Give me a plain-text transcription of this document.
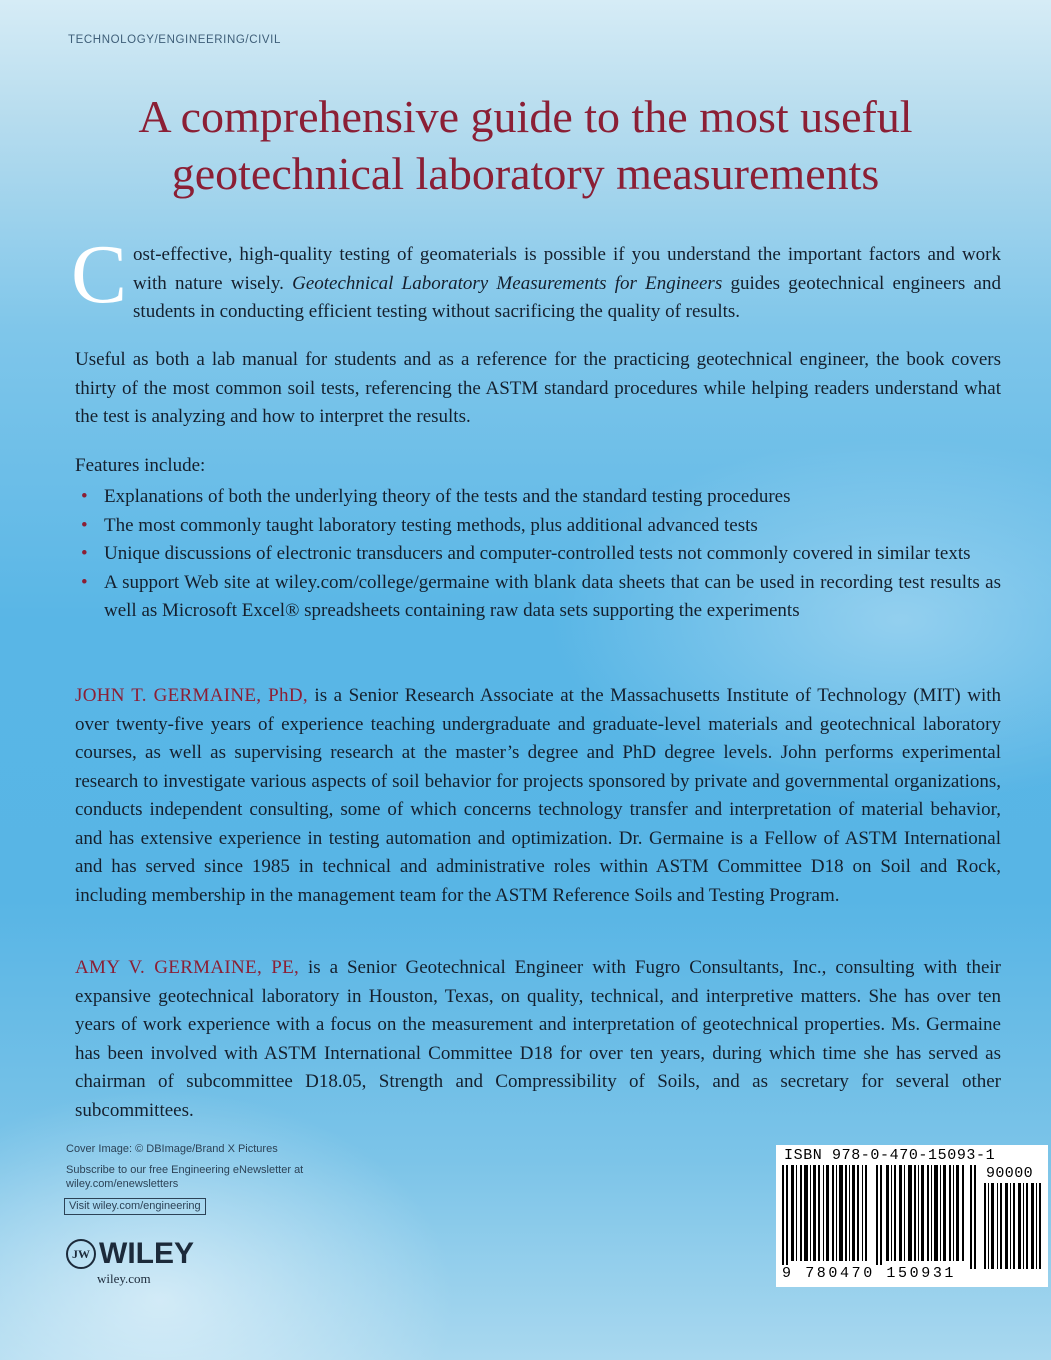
TECHNOLOGY/ENGINEERING/CIVIL
A comprehensive guide to the most useful
geotechnical laboratory measurements
Cost-effective, high-quality testing of geomaterials is possible if you understand the important factors and work with nature wisely. Geotechnical Laboratory Measurements for Engineers guides geotechnical engineers and students in conducting efficient testing without sacrificing the quality of results.
Useful as both a lab manual for students and as a reference for the practicing geotechnical engineer, the book covers thirty of the most common soil tests, referencing the ASTM standard procedures while helping readers understand what the test is analyzing and how to interpret the results.
Features include:
• Explanations of both the underlying theory of the tests and the standard testing procedures
• The most commonly taught laboratory testing methods, plus additional advanced tests
• Unique discussions of electronic transducers and computer-controlled tests not commonly covered in similar texts
• A support Web site at wiley.com/college/germaine with blank data sheets that can be used in recording test results as well as Microsoft Excel® spreadsheets containing raw data sets supporting the experiments
JOHN T. GERMAINE, PhD, is a Senior Research Associate at the Massachusetts Institute of Technology (MIT) with over twenty-five years of experience teaching undergraduate and graduate-level materials and geotechnical laboratory courses, as well as supervising research at the master’s degree and PhD degree levels. John performs experimental research to investigate various aspects of soil behavior for projects sponsored by private and governmental organizations, conducts independent consulting, some of which concerns technology transfer and interpretation of material behavior, and has extensive experience in testing automation and optimization. Dr. Germaine is a Fellow of ASTM International and has served since 1985 in technical and administrative roles within ASTM Committee D18 on Soil and Rock, including membership in the management team for the ASTM Reference Soils and Testing Program.
AMY V. GERMAINE, PE, is a Senior Geotechnical Engineer with Fugro Consultants, Inc., consulting with their expansive geotechnical laboratory in Houston, Texas, on quality, technical, and interpretive matters. She has over ten years of work experience with a focus on the measurement and interpretation of geotechnical properties. Ms. Germaine has been involved with ASTM International Committee D18 for over ten years, during which time she has served as chairman of subcommittee D18.05, Strength and Compressibility of Soils, and as secretary for several other subcommittees.
Cover Image: © DBImage/Brand X Pictures
Subscribe to our free Engineering eNewsletter at wiley.com/enewsletters
Visit wiley.com/engineering
JW WILEY
wiley.com
ISBN 978-0-470-15093-1
90000
9 780470 150931
